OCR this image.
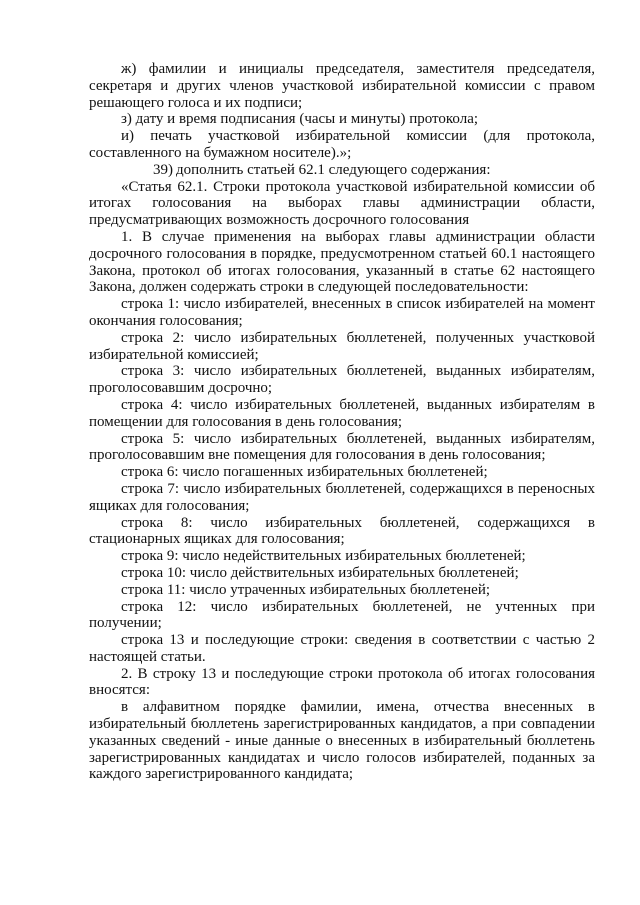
ж) фамилии и инициалы председателя, заместителя председателя, секретаря и других членов участковой избирательной комиссии с правом решающего голоса и их подписи;

з) дату и время подписания (часы и минуты) протокола;

и) печать участковой избирательной комиссии (для протокола, составленного на бумажном носителе).»;

39) дополнить статьей 62.1 следующего содержания:

«Статья 62.1. Строки протокола участковой избирательной комиссии об итогах голосования на выборах главы администрации области, предусматривающих возможность досрочного голосования

1. В случае применения на выборах главы администрации области досрочного голосования в порядке, предусмотренном статьей 60.1 настоящего Закона, протокол об итогах голосования, указанный в статье 62 настоящего Закона, должен содержать строки в следующей последовательности:

строка 1: число избирателей, внесенных в список избирателей на момент окончания голосования;

строка 2: число избирательных бюллетеней, полученных участковой избирательной комиссией;

строка 3: число избирательных бюллетеней, выданных избирателям, проголосовавшим досрочно;

строка 4: число избирательных бюллетеней, выданных избирателям в помещении для голосования в день голосования;

строка 5: число избирательных бюллетеней, выданных избирателям, проголосовавшим вне помещения для голосования в день голосования;

строка 6: число погашенных избирательных бюллетеней;

строка 7: число избирательных бюллетеней, содержащихся в переносных ящиках для голосования;

строка 8: число избирательных бюллетеней, содержащихся в стационарных ящиках для голосования;

строка 9: число недействительных избирательных бюллетеней;

строка 10: число действительных избирательных бюллетеней;

строка 11: число утраченных избирательных бюллетеней;

строка 12: число избирательных бюллетеней, не учтенных при получении;

строка 13 и последующие строки: сведения в соответствии с частью 2 настоящей статьи.

2. В строку 13 и последующие строки протокола об итогах голосования вносятся:

в алфавитном порядке фамилии, имена, отчества внесенных в избирательный бюллетень зарегистрированных кандидатов, а при совпадении указанных сведений - иные данные о внесенных в избирательный бюллетень зарегистрированных кандидатах и число голосов избирателей, поданных за каждого зарегистрированного кандидата;
